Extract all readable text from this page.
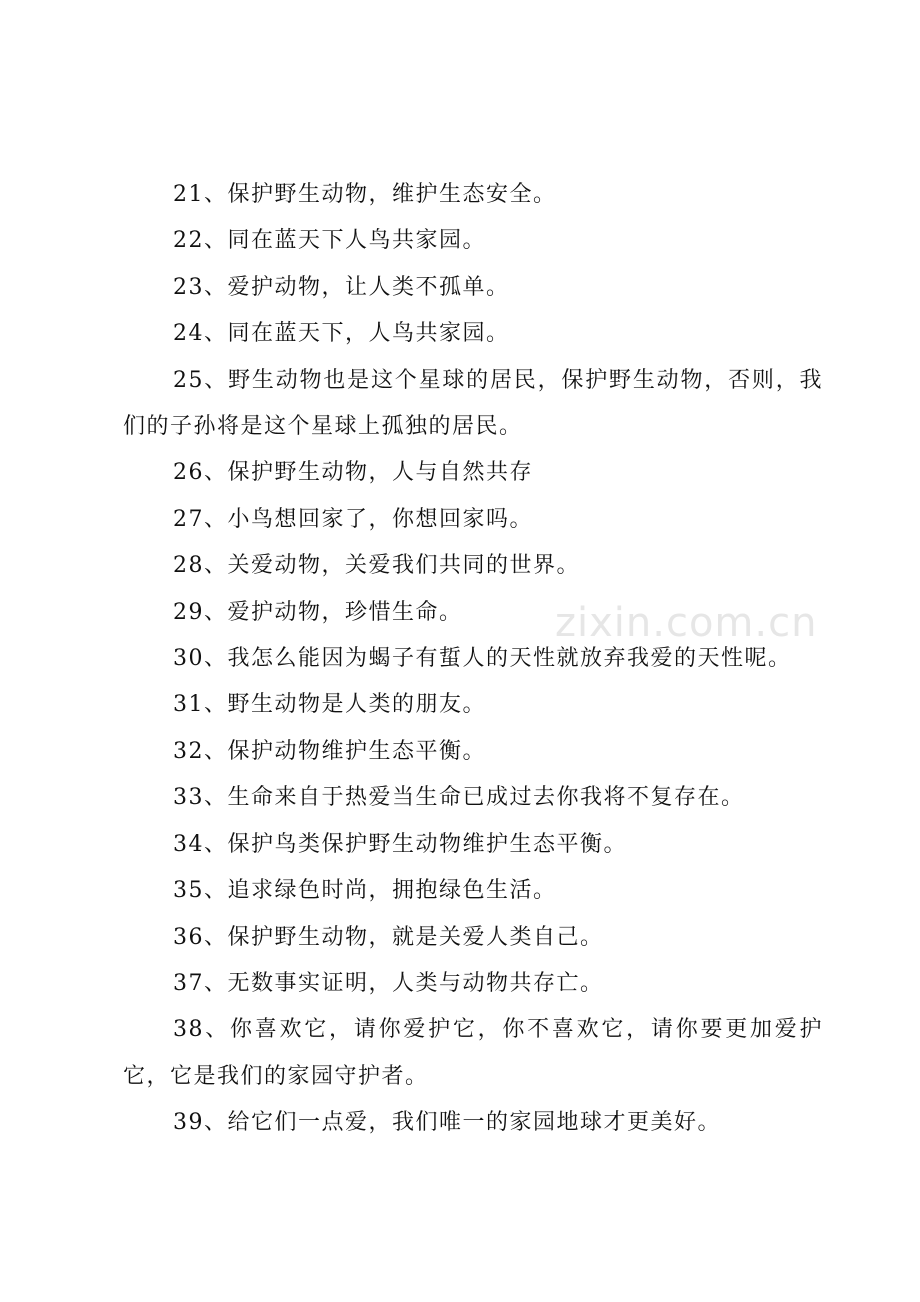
zixin.com.cn

21、保护野生动物，维护生态安全。

22、同在蓝天下人鸟共家园。

23、爱护动物，让人类不孤单。

24、同在蓝天下，人鸟共家园。

25、野生动物也是这个星球的居民，保护野生动物，否则，我们的子孙将是这个星球上孤独的居民。

26、保护野生动物，人与自然共存

27、小鸟想回家了，你想回家吗。

28、关爱动物，关爱我们共同的世界。

29、爱护动物，珍惜生命。

30、我怎么能因为蝎子有蜇人的天性就放弃我爱的天性呢。

31、野生动物是人类的朋友。

32、保护动物维护生态平衡。

33、生命来自于热爱当生命已成过去你我将不复存在。

34、保护鸟类保护野生动物维护生态平衡。

35、追求绿色时尚，拥抱绿色生活。

36、保护野生动物，就是关爱人类自己。

37、无数事实证明，人类与动物共存亡。

38、你喜欢它，请你爱护它，你不喜欢它，请你要更加爱护它，它是我们的家园守护者。

39、给它们一点爱，我们唯一的家园地球才更美好。
